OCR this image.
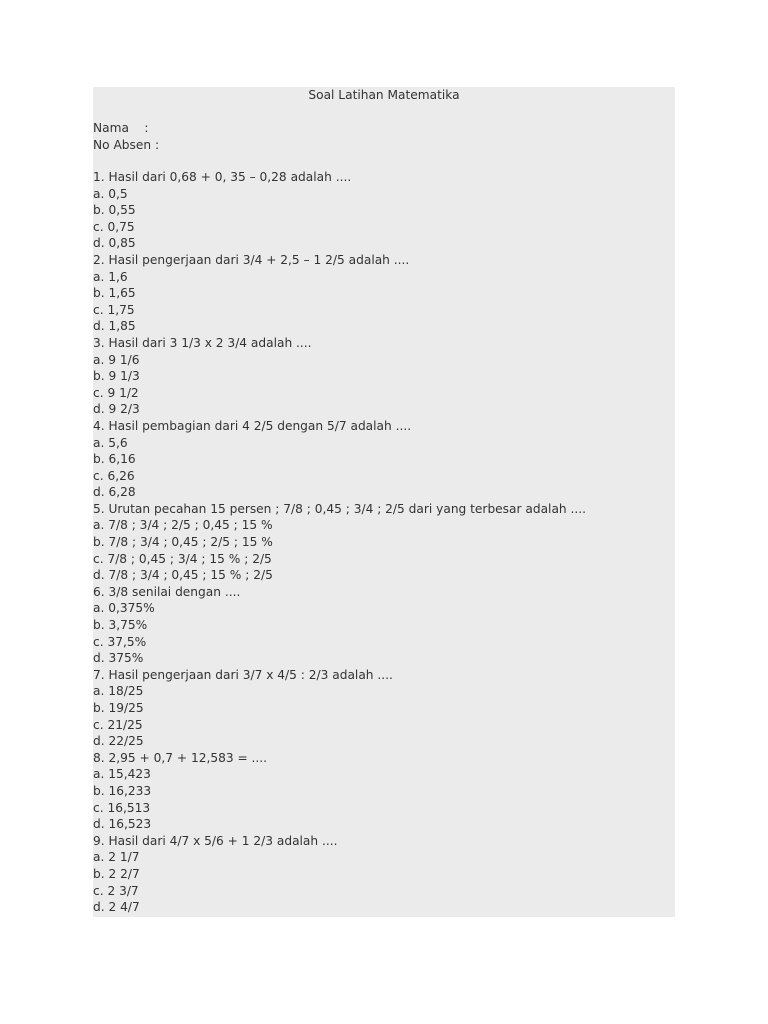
Soal Latihan Matematika
Nama    :
No Absen :
1. Hasil dari 0,68 + 0, 35 – 0,28 adalah ....
a. 0,5
b. 0,55
c. 0,75
d. 0,85
2. Hasil pengerjaan dari 3/4 + 2,5 – 1 2/5 adalah ....
a. 1,6
b. 1,65
c. 1,75
d. 1,85
3. Hasil dari 3 1/3 x 2 3/4 adalah ....
a. 9 1/6
b. 9 1/3
c. 9 1/2
d. 9 2/3
4. Hasil pembagian dari 4 2/5 dengan 5/7 adalah ....
a. 5,6
b. 6,16
c. 6,26
d. 6,28
5. Urutan pecahan 15 persen ; 7/8 ; 0,45 ; 3/4 ; 2/5 dari yang terbesar adalah ....
a. 7/8 ; 3/4 ; 2/5 ; 0,45 ; 15 %
b. 7/8 ; 3/4 ; 0,45 ; 2/5 ; 15 %
c. 7/8 ; 0,45 ; 3/4 ; 15 % ; 2/5
d. 7/8 ; 3/4 ; 0,45 ; 15 % ; 2/5
6. 3/8 senilai dengan ....
a. 0,375%
b. 3,75%
c. 37,5%
d. 375%
7. Hasil pengerjaan dari 3/7 x 4/5 : 2/3 adalah ....
a. 18/25
b. 19/25
c. 21/25
d. 22/25
8. 2,95 + 0,7 + 12,583 = ....
a. 15,423
b. 16,233
c. 16,513
d. 16,523
9. Hasil dari 4/7 x 5/6 + 1 2/3 adalah ....
a. 2 1/7
b. 2 2/7
c. 2 3/7
d. 2 4/7
